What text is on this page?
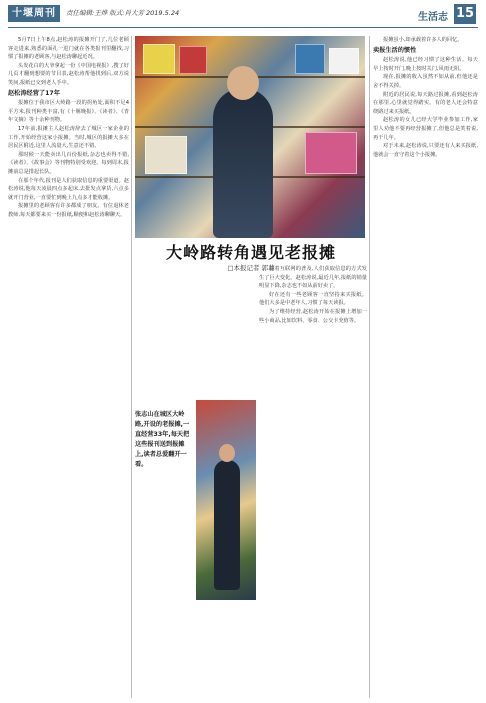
十堰周刊	责任编辑:王烨 版式:肖大芳 2019.5.24	生活志 15

5月7日上午8点,赵松涛的报摊开门了,几位老顾客走进来,熟悉的面孔一进门就在各类报刊里翻找,习惯了报摊的老顾客,与赵松涛聊起近况。

头发花白的大爷拿起一份《中国电视报》,搜了好几页才翻到想要的节目表,赵松涛帮他找到后,双方说笑间,报纸已交到老人手中。

赵松涛经营了17年

报摊位于我市区大岭路一段的拐角处,面积不足4平方米,报刊种类丰富,有《十堰晚报》、《读者》、《青年文摘》等十余种刊物。

17年前,报摊主人赵松涛辞去了城区一家企业的工作,开始经营这家小报摊。当时,城区的报摊大多在居民区附近,这里人流量大,生意还不错。

那时候一天能卖出几百份报纸,杂志也卖得不错,《读者》、《故事会》等刊物特别受欢迎。每到周末,报摊前总是排起长队。

在那个年代,报刊是人们获取信息的重要渠道。赵松涛说,他每天凌晨四点多起床,去批发点拿货,六点多就开门营业,一直要忙到晚上九点多才能收摊。

报摊里的老顾客有许多都成了朋友。有位退休老教师,每天都要来买一份报纸,顺便和赵松涛聊聊天。

大岭路转角遇见老报摊
□本报记者 郭菲
张志山在城区大岭路,开设的老报摊,一直经营33年,每天把这些报刊送到报摊上,读者总爱翻开一看。

随着互联网的普及,人们获取信息的方式发生了巨大变化。赵松涛说,最近几年,报纸的销量明显下降,杂志也不如从前好卖了。

好在还有一些老顾客一直坚持来买报纸。他们大多是中老年人,习惯了每天读报。

为了维持经营,赵松涛开始在报摊上增加一些小商品,比如饮料、零食、公交卡充值等。

报摊虽小,却承载着许多人的回忆。

卖报生活的惯性

赵松涛说,他已经习惯了这种生活。每天早上按时开门,晚上按时关门,风雨无阻。

现在,报摊的收入虽然不如从前,但他还是舍不得关掉。

附近的居民说,每天路过报摊,看到赵松涛在那里,心里就觉得踏实。有的老人还会特意绕路过来买报纸。

赵松涛的女儿已经大学毕业参加工作,家里人劝他不要再经营报摊了,但他总是笑着说,再干几年。

对于未来,赵松涛说,只要还有人来买报纸,他就会一直守着这个小报摊。
